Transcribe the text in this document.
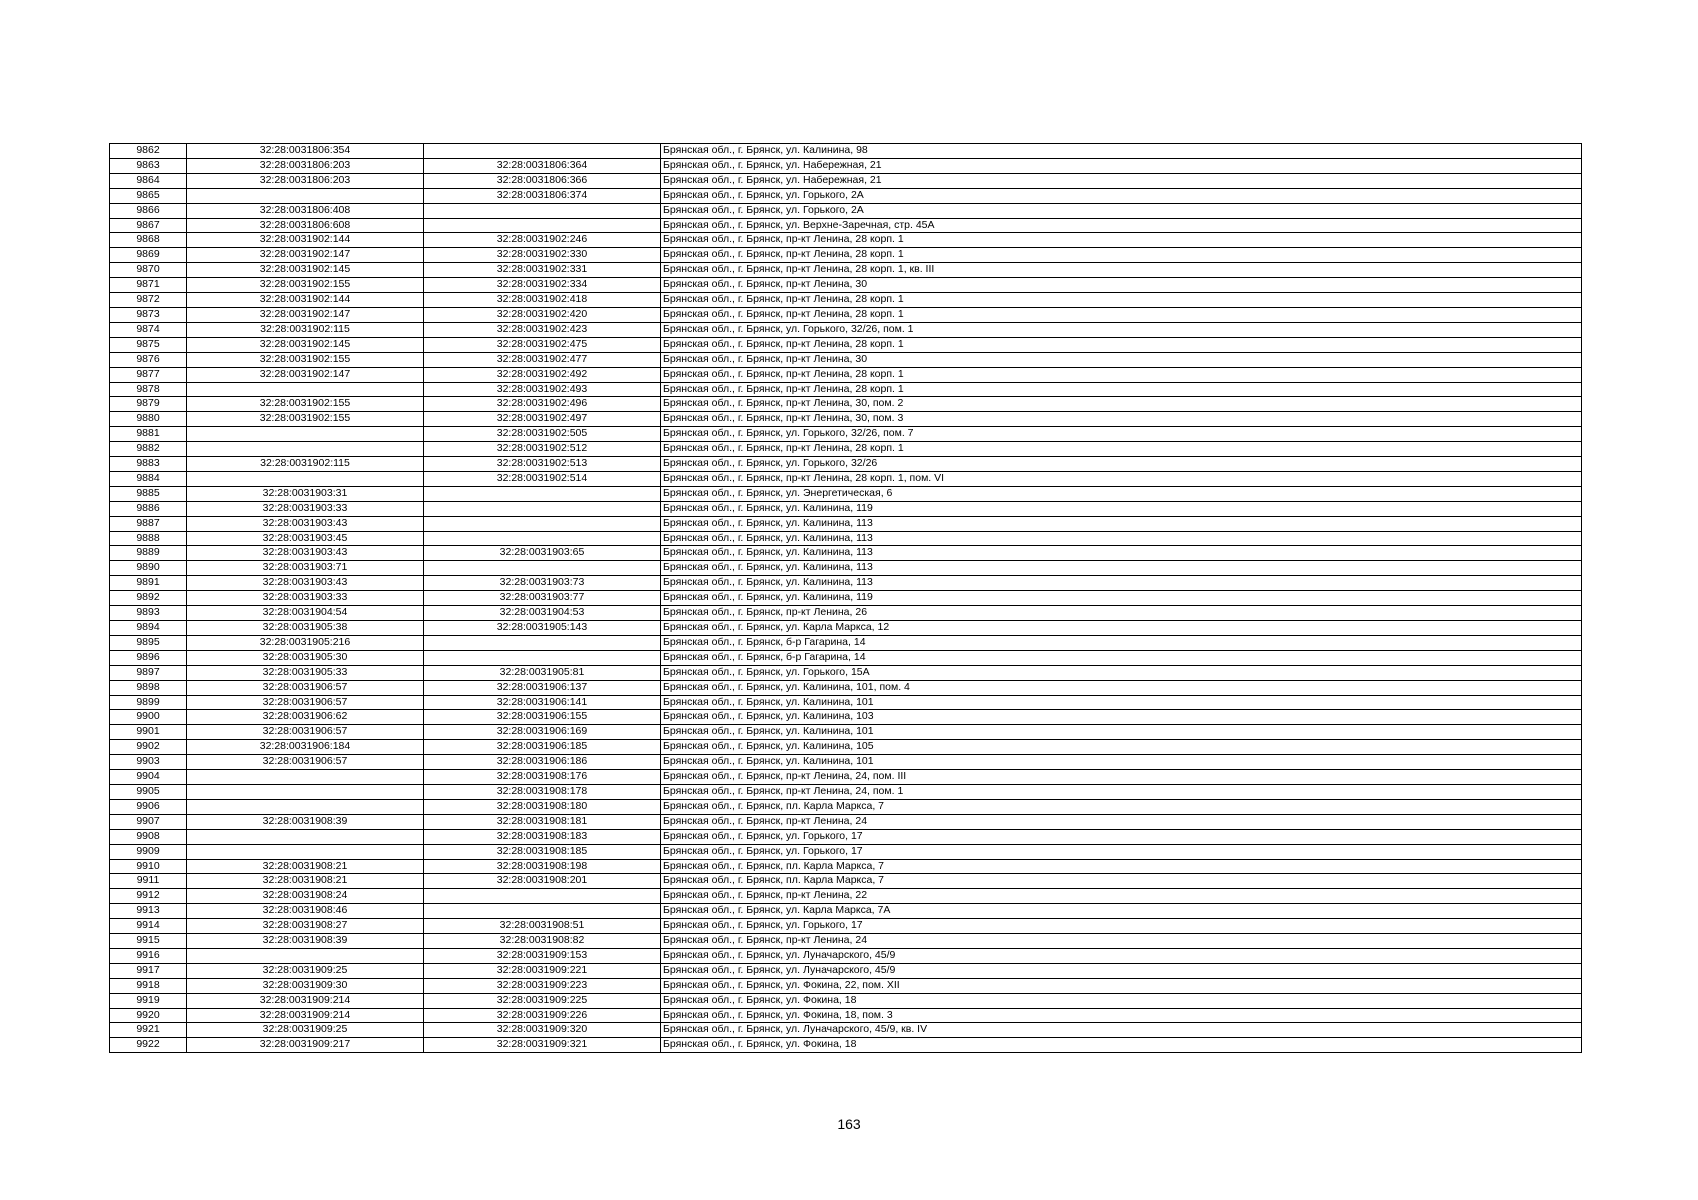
9862	32:28:0031806:354		Брянская обл., г. Брянск, ул. Калинина, 98
9863	32:28:0031806:203	32:28:0031806:364	Брянская обл., г. Брянск, ул. Набережная, 21
9864	32:28:0031806:203	32:28:0031806:366	Брянская обл., г. Брянск, ул. Набережная, 21
9865		32:28:0031806:374	Брянская обл., г. Брянск, ул. Горького, 2А
9866	32:28:0031806:408		Брянская обл., г. Брянск, ул. Горького, 2А
9867	32:28:0031806:608		Брянская обл., г. Брянск, ул. Верхне-Заречная, стр. 45А
9868	32:28:0031902:144	32:28:0031902:246	Брянская обл., г. Брянск, пр-кт Ленина, 28 корп. 1
9869	32:28:0031902:147	32:28:0031902:330	Брянская обл., г. Брянск, пр-кт Ленина, 28 корп. 1
9870	32:28:0031902:145	32:28:0031902:331	Брянская обл., г. Брянск, пр-кт Ленина, 28 корп. 1, кв. III
9871	32:28:0031902:155	32:28:0031902:334	Брянская обл., г. Брянск, пр-кт Ленина, 30
9872	32:28:0031902:144	32:28:0031902:418	Брянская обл., г. Брянск, пр-кт Ленина, 28 корп. 1
9873	32:28:0031902:147	32:28:0031902:420	Брянская обл., г. Брянск, пр-кт Ленина, 28 корп. 1
9874	32:28:0031902:115	32:28:0031902:423	Брянская обл., г. Брянск, ул. Горького, 32/26, пом. 1
9875	32:28:0031902:145	32:28:0031902:475	Брянская обл., г. Брянск, пр-кт Ленина, 28 корп. 1
9876	32:28:0031902:155	32:28:0031902:477	Брянская обл., г. Брянск, пр-кт Ленина, 30
9877	32:28:0031902:147	32:28:0031902:492	Брянская обл., г. Брянск, пр-кт Ленина, 28 корп. 1
9878		32:28:0031902:493	Брянская обл., г. Брянск, пр-кт Ленина, 28 корп. 1
9879	32:28:0031902:155	32:28:0031902:496	Брянская обл., г. Брянск, пр-кт Ленина, 30, пом. 2
9880	32:28:0031902:155	32:28:0031902:497	Брянская обл., г. Брянск, пр-кт Ленина, 30, пом. 3
9881		32:28:0031902:505	Брянская обл., г. Брянск, ул. Горького, 32/26, пом. 7
9882		32:28:0031902:512	Брянская обл., г. Брянск, пр-кт Ленина, 28 корп. 1
9883	32:28:0031902:115	32:28:0031902:513	Брянская обл., г. Брянск, ул. Горького, 32/26
9884		32:28:0031902:514	Брянская обл., г. Брянск, пр-кт Ленина, 28 корп. 1, пом. VI
9885	32:28:0031903:31		Брянская обл., г. Брянск, ул. Энергетическая, 6
9886	32:28:0031903:33		Брянская обл., г. Брянск, ул. Калинина, 119
9887	32:28:0031903:43		Брянская обл., г. Брянск, ул. Калинина, 113
9888	32:28:0031903:45		Брянская обл., г. Брянск, ул. Калинина, 113
9889	32:28:0031903:43	32:28:0031903:65	Брянская обл., г. Брянск, ул. Калинина, 113
9890	32:28:0031903:71		Брянская обл., г. Брянск, ул. Калинина, 113
9891	32:28:0031903:43	32:28:0031903:73	Брянская обл., г. Брянск, ул. Калинина, 113
9892	32:28:0031903:33	32:28:0031903:77	Брянская обл., г. Брянск, ул. Калинина, 119
9893	32:28:0031904:54	32:28:0031904:53	Брянская обл., г. Брянск, пр-кт Ленина, 26
9894	32:28:0031905:38	32:28:0031905:143	Брянская обл., г. Брянск, ул. Карла Маркса, 12
9895	32:28:0031905:216		Брянская обл., г. Брянск, б-р Гагарина, 14
9896	32:28:0031905:30		Брянская обл., г. Брянск, б-р Гагарина, 14
9897	32:28:0031905:33	32:28:0031905:81	Брянская обл., г. Брянск, ул. Горького, 15А
9898	32:28:0031906:57	32:28:0031906:137	Брянская обл., г. Брянск, ул. Калинина, 101, пом. 4
9899	32:28:0031906:57	32:28:0031906:141	Брянская обл., г. Брянск, ул. Калинина, 101
9900	32:28:0031906:62	32:28:0031906:155	Брянская обл., г. Брянск, ул. Калинина, 103
9901	32:28:0031906:57	32:28:0031906:169	Брянская обл., г. Брянск, ул. Калинина, 101
9902	32:28:0031906:184	32:28:0031906:185	Брянская обл., г. Брянск, ул. Калинина, 105
9903	32:28:0031906:57	32:28:0031906:186	Брянская обл., г. Брянск, ул. Калинина, 101
9904		32:28:0031908:176	Брянская обл., г. Брянск, пр-кт Ленина, 24, пом. III
9905		32:28:0031908:178	Брянская обл., г. Брянск, пр-кт Ленина, 24, пом. 1
9906		32:28:0031908:180	Брянская обл., г. Брянск, пл. Карла Маркса, 7
9907	32:28:0031908:39	32:28:0031908:181	Брянская обл., г. Брянск, пр-кт Ленина, 24
9908		32:28:0031908:183	Брянская обл., г. Брянск, ул. Горького, 17
9909		32:28:0031908:185	Брянская обл., г. Брянск, ул. Горького, 17
9910	32:28:0031908:21	32:28:0031908:198	Брянская обл., г. Брянск, пл. Карла Маркса, 7
9911	32:28:0031908:21	32:28:0031908:201	Брянская обл., г. Брянск, пл. Карла Маркса, 7
9912	32:28:0031908:24		Брянская обл., г. Брянск, пр-кт Ленина, 22
9913	32:28:0031908:46		Брянская обл., г. Брянск, ул. Карла Маркса, 7А
9914	32:28:0031908:27	32:28:0031908:51	Брянская обл., г. Брянск, ул. Горького, 17
9915	32:28:0031908:39	32:28:0031908:82	Брянская обл., г. Брянск, пр-кт Ленина, 24
9916		32:28:0031909:153	Брянская обл., г. Брянск, ул. Луначарского, 45/9
9917	32:28:0031909:25	32:28:0031909:221	Брянская обл., г. Брянск, ул. Луначарского, 45/9
9918	32:28:0031909:30	32:28:0031909:223	Брянская обл., г. Брянск, ул. Фокина, 22, пом. XII
9919	32:28:0031909:214	32:28:0031909:225	Брянская обл., г. Брянск, ул. Фокина, 18
9920	32:28:0031909:214	32:28:0031909:226	Брянская обл., г. Брянск, ул. Фокина, 18, пом. 3
9921	32:28:0031909:25	32:28:0031909:320	Брянская обл., г. Брянск, ул. Луначарского, 45/9, кв. IV
9922	32:28:0031909:217	32:28:0031909:321	Брянская обл., г. Брянск, ул. Фокина, 18
163
